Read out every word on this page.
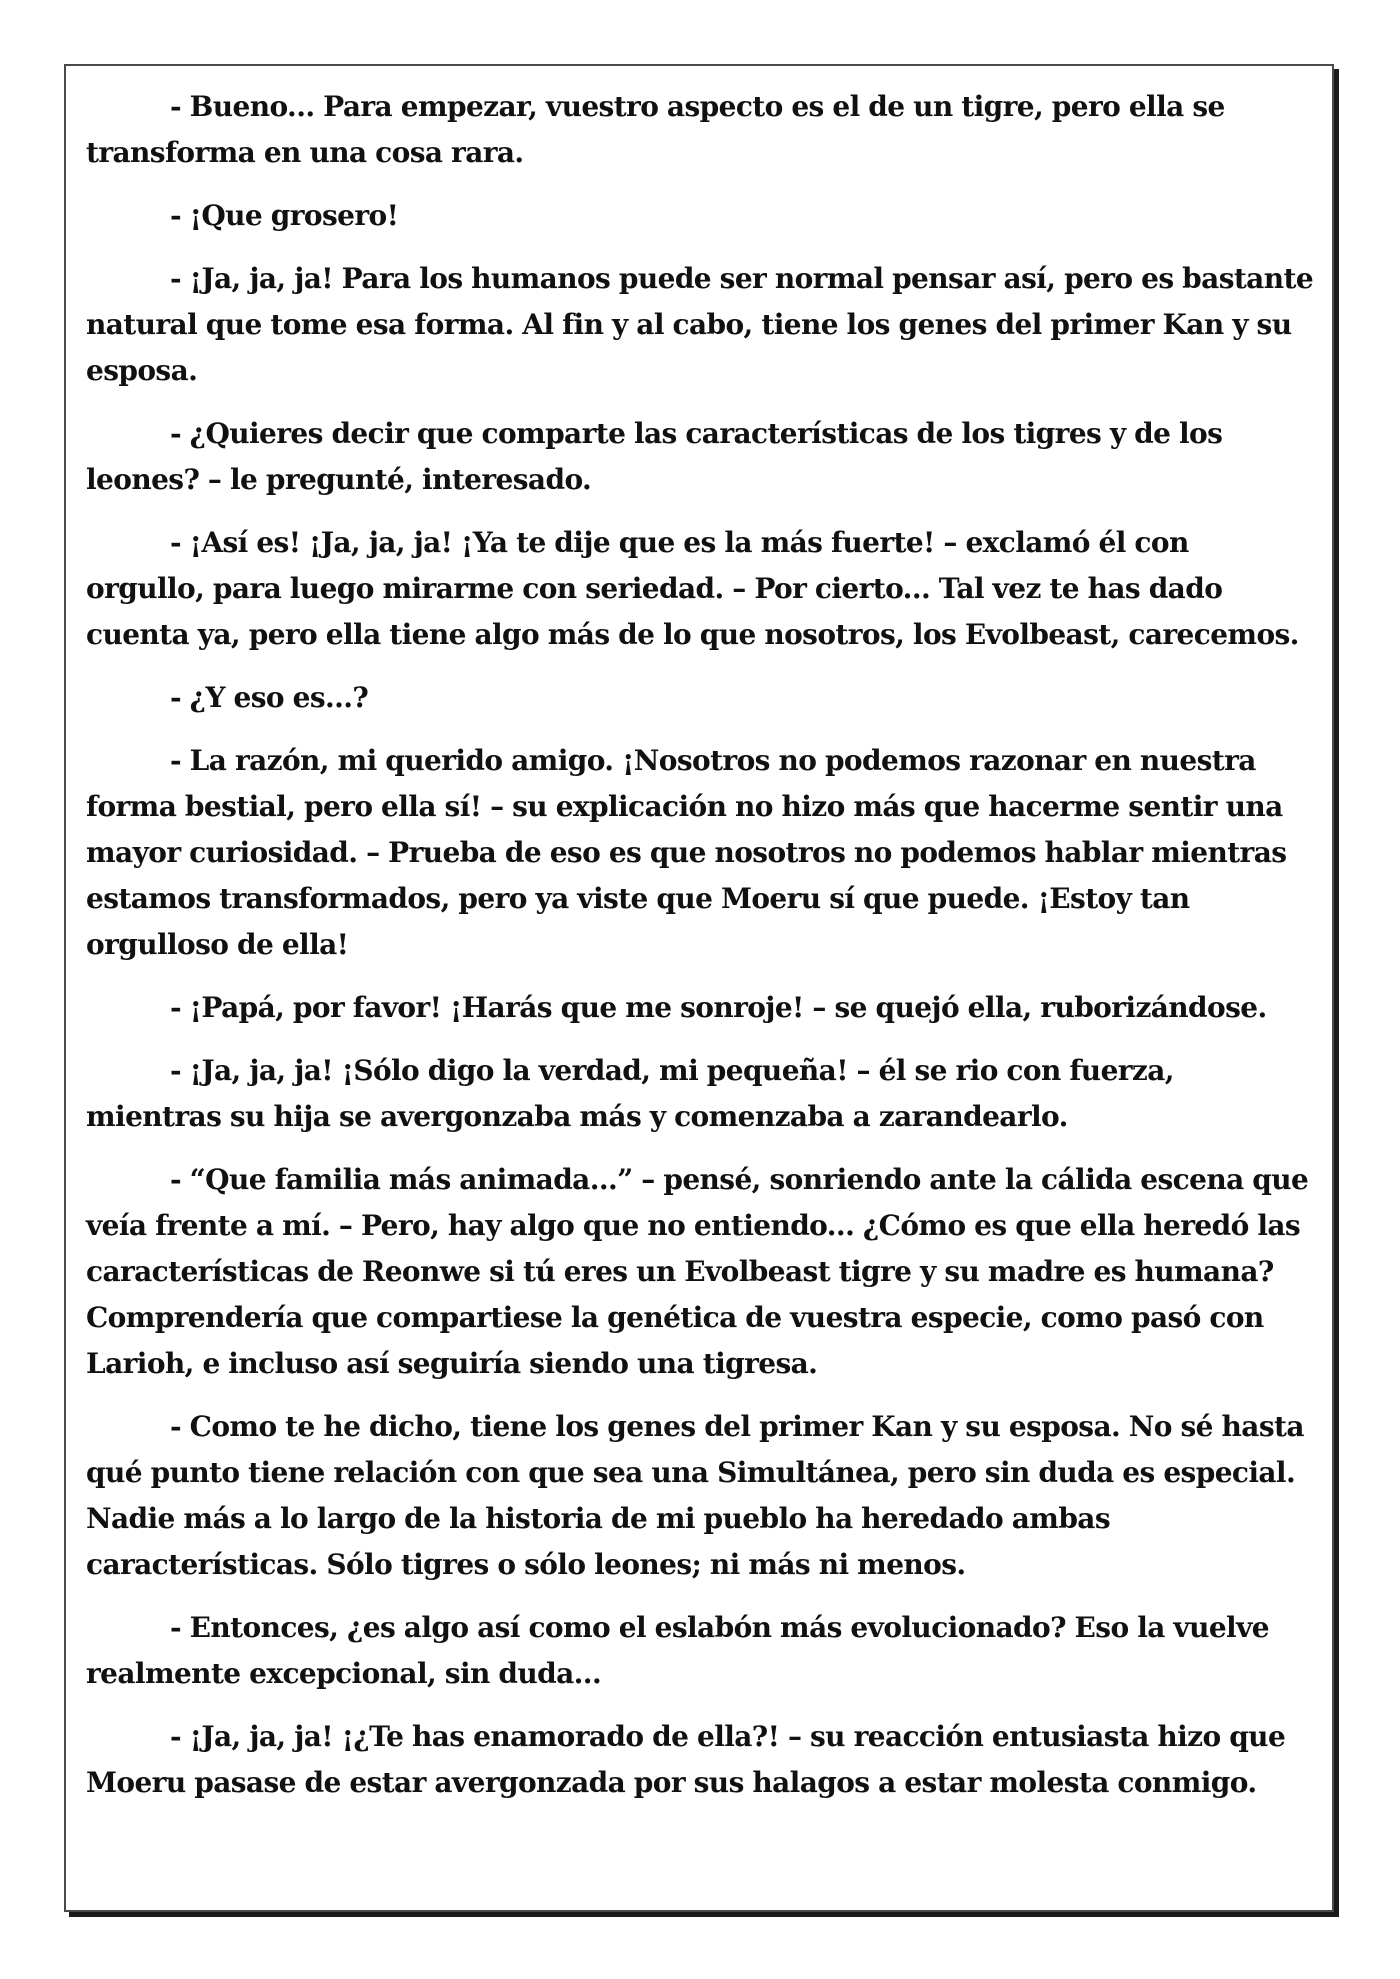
- Bueno... Para empezar, vuestro aspecto es el de un tigre, pero ella se transforma en una cosa rara.

- ¡Que grosero!

- ¡Ja, ja, ja! Para los humanos puede ser normal pensar así, pero es bastante natural que tome esa forma. Al fin y al cabo, tiene los genes del primer Kan y su esposa.

- ¿Quieres decir que comparte las características de los tigres y de los leones? – le pregunté, interesado.

- ¡Así es! ¡Ja, ja, ja! ¡Ya te dije que es la más fuerte! – exclamó él con orgullo, para luego mirarme con seriedad. – Por cierto... Tal vez te has dado cuenta ya, pero ella tiene algo más de lo que nosotros, los Evolbeast, carecemos.

- ¿Y eso es...?

- La razón, mi querido amigo. ¡Nosotros no podemos razonar en nuestra forma bestial, pero ella sí! – su explicación no hizo más que hacerme sentir una mayor curiosidad. – Prueba de eso es que nosotros no podemos hablar mientras estamos transformados, pero ya viste que Moeru sí que puede. ¡Estoy tan orgulloso de ella!

- ¡Papá, por favor! ¡Harás que me sonroje! – se quejó ella, ruborizándose.

- ¡Ja, ja, ja! ¡Sólo digo la verdad, mi pequeña! – él se rio con fuerza, mientras su hija se avergonzaba más y comenzaba a zarandearlo.

- “Que familia más animada...” – pensé, sonriendo ante la cálida escena que veía frente a mí. – Pero, hay algo que no entiendo... ¿Cómo es que ella heredó las características de Reonwe si tú eres un Evolbeast tigre y su madre es humana? Comprendería que compartiese la genética de vuestra especie, como pasó con Larioh, e incluso así seguiría siendo una tigresa.

- Como te he dicho, tiene los genes del primer Kan y su esposa. No sé hasta qué punto tiene relación con que sea una Simultánea, pero sin duda es especial. Nadie más a lo largo de la historia de mi pueblo ha heredado ambas características. Sólo tigres o sólo leones; ni más ni menos.

- Entonces, ¿es algo así como el eslabón más evolucionado? Eso la vuelve realmente excepcional, sin duda...

- ¡Ja, ja, ja! ¡¿Te has enamorado de ella?! – su reacción entusiasta hizo que Moeru pasase de estar avergonzada por sus halagos a estar molesta conmigo.
